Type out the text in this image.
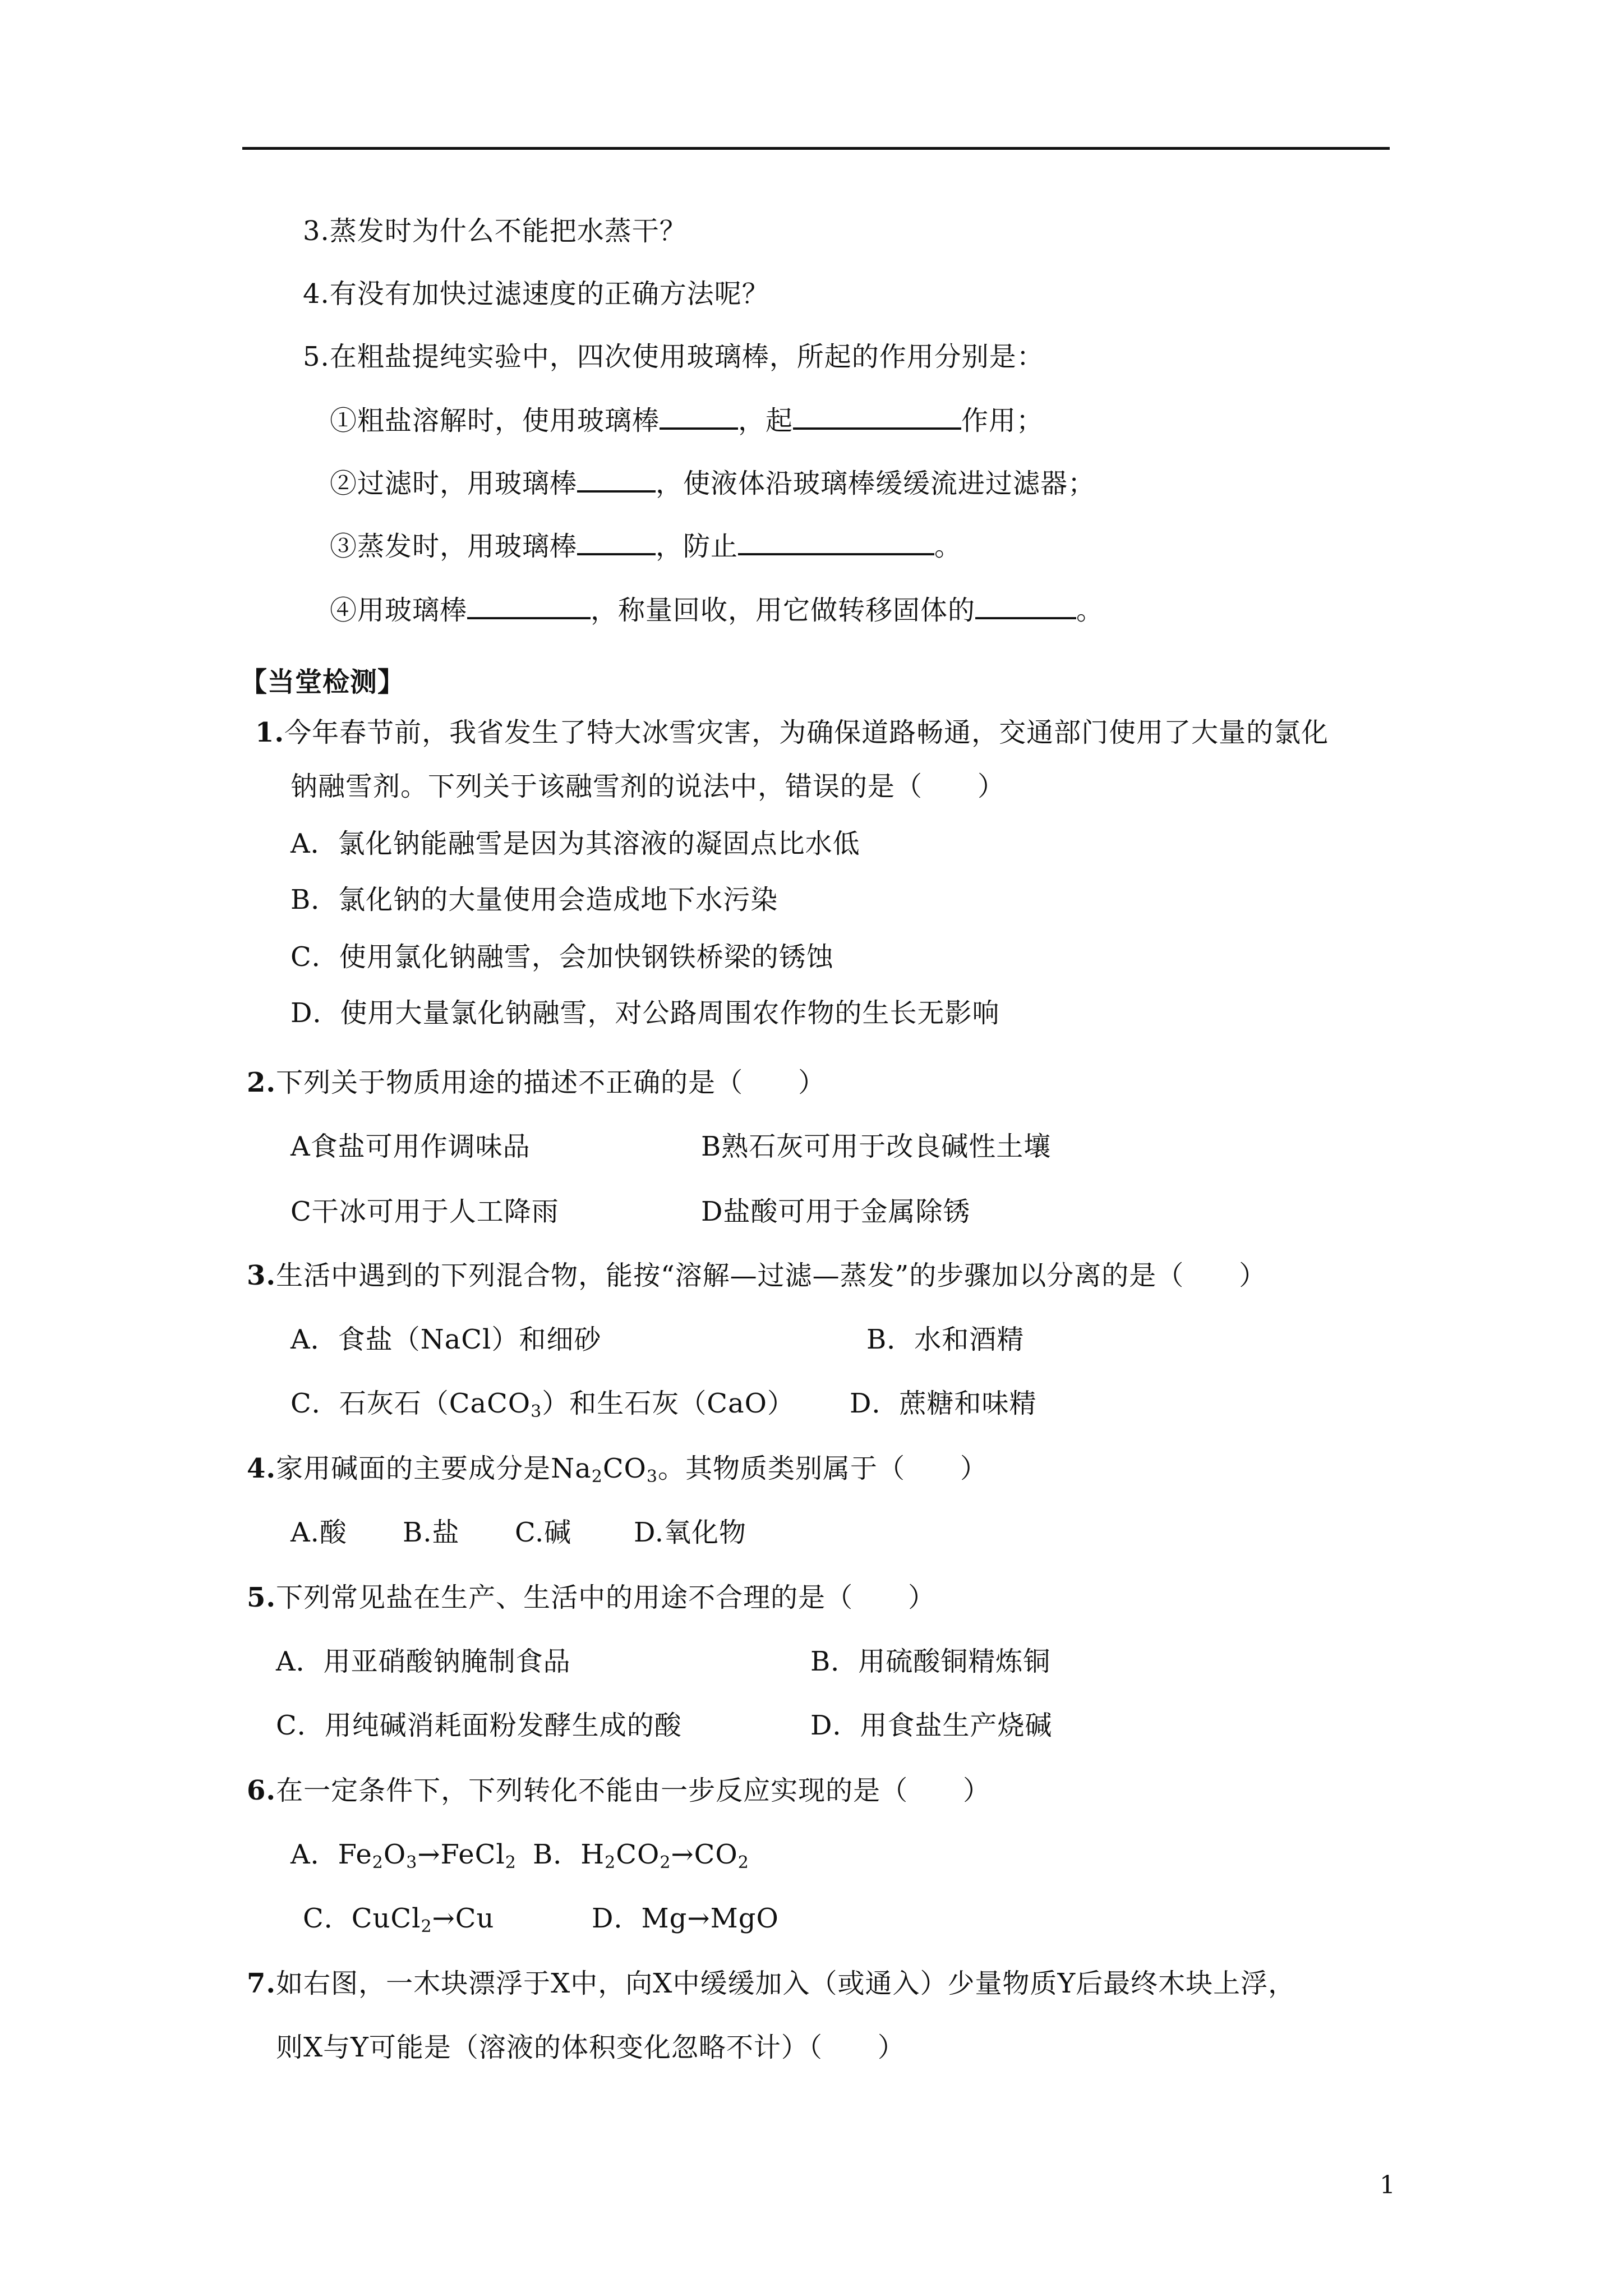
3.蒸发时为什么不能把水蒸干？
4.有没有加快过滤速度的正确方法呢？
5.在粗盐提纯实验中，四次使用玻璃棒，所起的作用分别是：
①粗盐溶解时，使用玻璃棒	，起	作用；
②过滤时，用玻璃棒	，使液体沿玻璃棒缓缓流进过滤器；
③蒸发时，用玻璃棒	，防止	。
④用玻璃棒	，称量回收，用它做转移固体的	。
【当堂检测】
1.今年春节前，我省发生了特大冰雪灾害，为确保道路畅通，交通部门使用了大量的氯化
钠融雪剂。下列关于该融雪剂的说法中，错误的是（　　）
A．氯化钠能融雪是因为其溶液的凝固点比水低
B．氯化钠的大量使用会造成地下水污染
C．使用氯化钠融雪，会加快钢铁桥梁的锈蚀
D．使用大量氯化钠融雪，对公路周围农作物的生长无影响
2.下列关于物质用途的描述不正确的是（　　）
A食盐可用作调味品	B熟石灰可用于改良碱性土壤
C干冰可用于人工降雨	D盐酸可用于金属除锈
3.生活中遇到的下列混合物，能按“溶解—过滤—蒸发”的步骤加以分离的是（　　）
A．食盐（NaCl）和细砂	B．水和酒精
C．石灰石（CaCO$_3$）和生石灰（CaO） D．蔗糖和味精
4.家用碱面的主要成分是$Na_2CO_3$。其物质类别属于（　　）
A.酸 B.盐 C.碱 D.氧化物
5.下列常见盐在生产、生活中的用途不合理的是（　　）
A．用亚硝酸钠腌制食品	B．用硫酸铜精炼铜
C．用纯碱消耗面粉发酵生成的酸	D．用食盐生产烧碱
6.在一定条件下，下列转化不能由一步反应实现的是（　　）
A．$Fe_2O_3\to FeCl_2$ B．$H_2CO_2\to CO_2$
C．CuCl$_2$→Cu	D．Mg→MgO
7.如右图，一木块漂浮于X中，向X中缓缓加入（或通入）少量物质Y后最终木块上浮，
则X与Y可能是（溶液的体积变化忽略不计）（　　）
1
